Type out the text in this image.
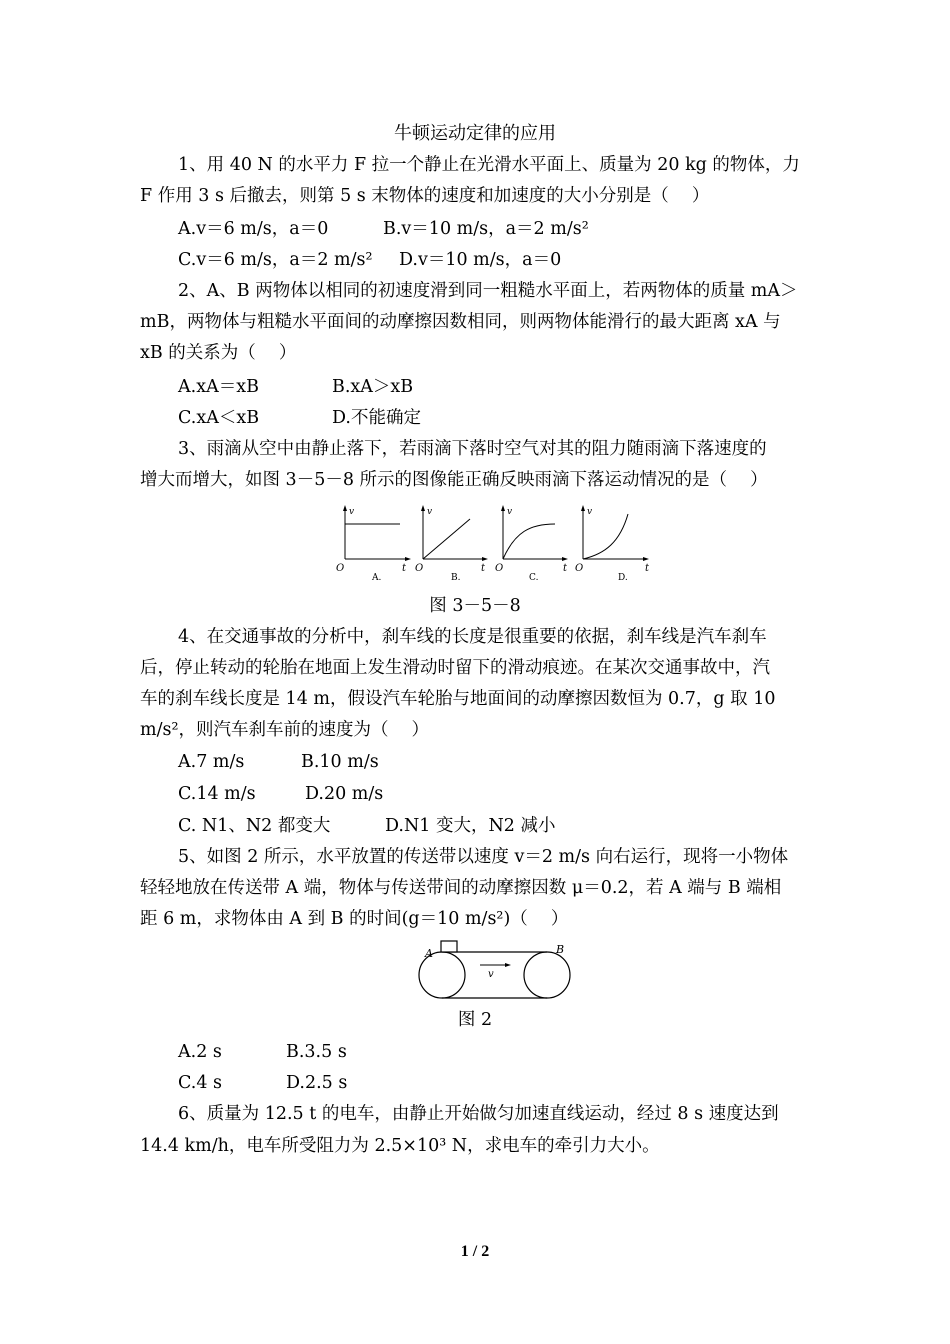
牛顿运动定律的应用
1、用 40 N 的水平力 F 拉一个静止在光滑水平面上、质量为 20 kg 的物体，力
F 作用 3 s 后撤去，则第 5 s 末物体的速度和加速度的大小分别是（　 ）
A.v＝6 m/s，a＝0	B.v＝10 m/s，a＝2 m/s²
C.v＝6 m/s，a＝2 m/s² D.v＝10 m/s，a＝0
2、A、B 两物体以相同的初速度滑到同一粗糙水平面上，若两物体的质量 mA＞
mB，两物体与粗糙水平面间的动摩擦因数相同，则两物体能滑行的最大距离 xA 与
xB 的关系为（　 ）
A.xA＝xB	B.xA＞xB
C.xA＜xB	D.不能确定
3、雨滴从空中由静止落下，若雨滴下落时空气对其的阻力随雨滴下落速度的
增大而增大，如图 3－5－8 所示的图像能正确反映雨滴下落运动情况的是（　 ）
v
t
O
A.
v
t
O
B.
v
t
O
C.
v
t
O
D.
图 3－5－8
4、在交通事故的分析中，刹车线的长度是很重要的依据，刹车线是汽车刹车
后，停止转动的轮胎在地面上发生滑动时留下的滑动痕迹。在某次交通事故中，汽
车的刹车线长度是 14 m，假设汽车轮胎与地面间的动摩擦因数恒为 0.7，g 取 10
m/s²，则汽车刹车前的速度为（　 ）
A.7 m/s	B.10 m/s
C.14 m/s	D.20 m/s
C. N1、N2 都变大	D.N1 变大，N2 减小
5、如图 2 所示，水平放置的传送带以速度 v＝2 m/s 向右运行，现将一小物体
轻轻地放在传送带 A 端，物体与传送带间的动摩擦因数 μ＝0.2，若 A 端与 B 端相
距 6 m，求物体由 A 到 B 的时间(g＝10 m/s²)（　 ）
A	B
v
图 2
A.2 s	B.3.5 s
C.4 s	D.2.5 s
6、质量为 12.5 t 的电车，由静止开始做匀加速直线运动，经过 8 s 速度达到
14.4 km/h，电车所受阻力为 2.5×10³ N，求电车的牵引力大小。
1 / 2
